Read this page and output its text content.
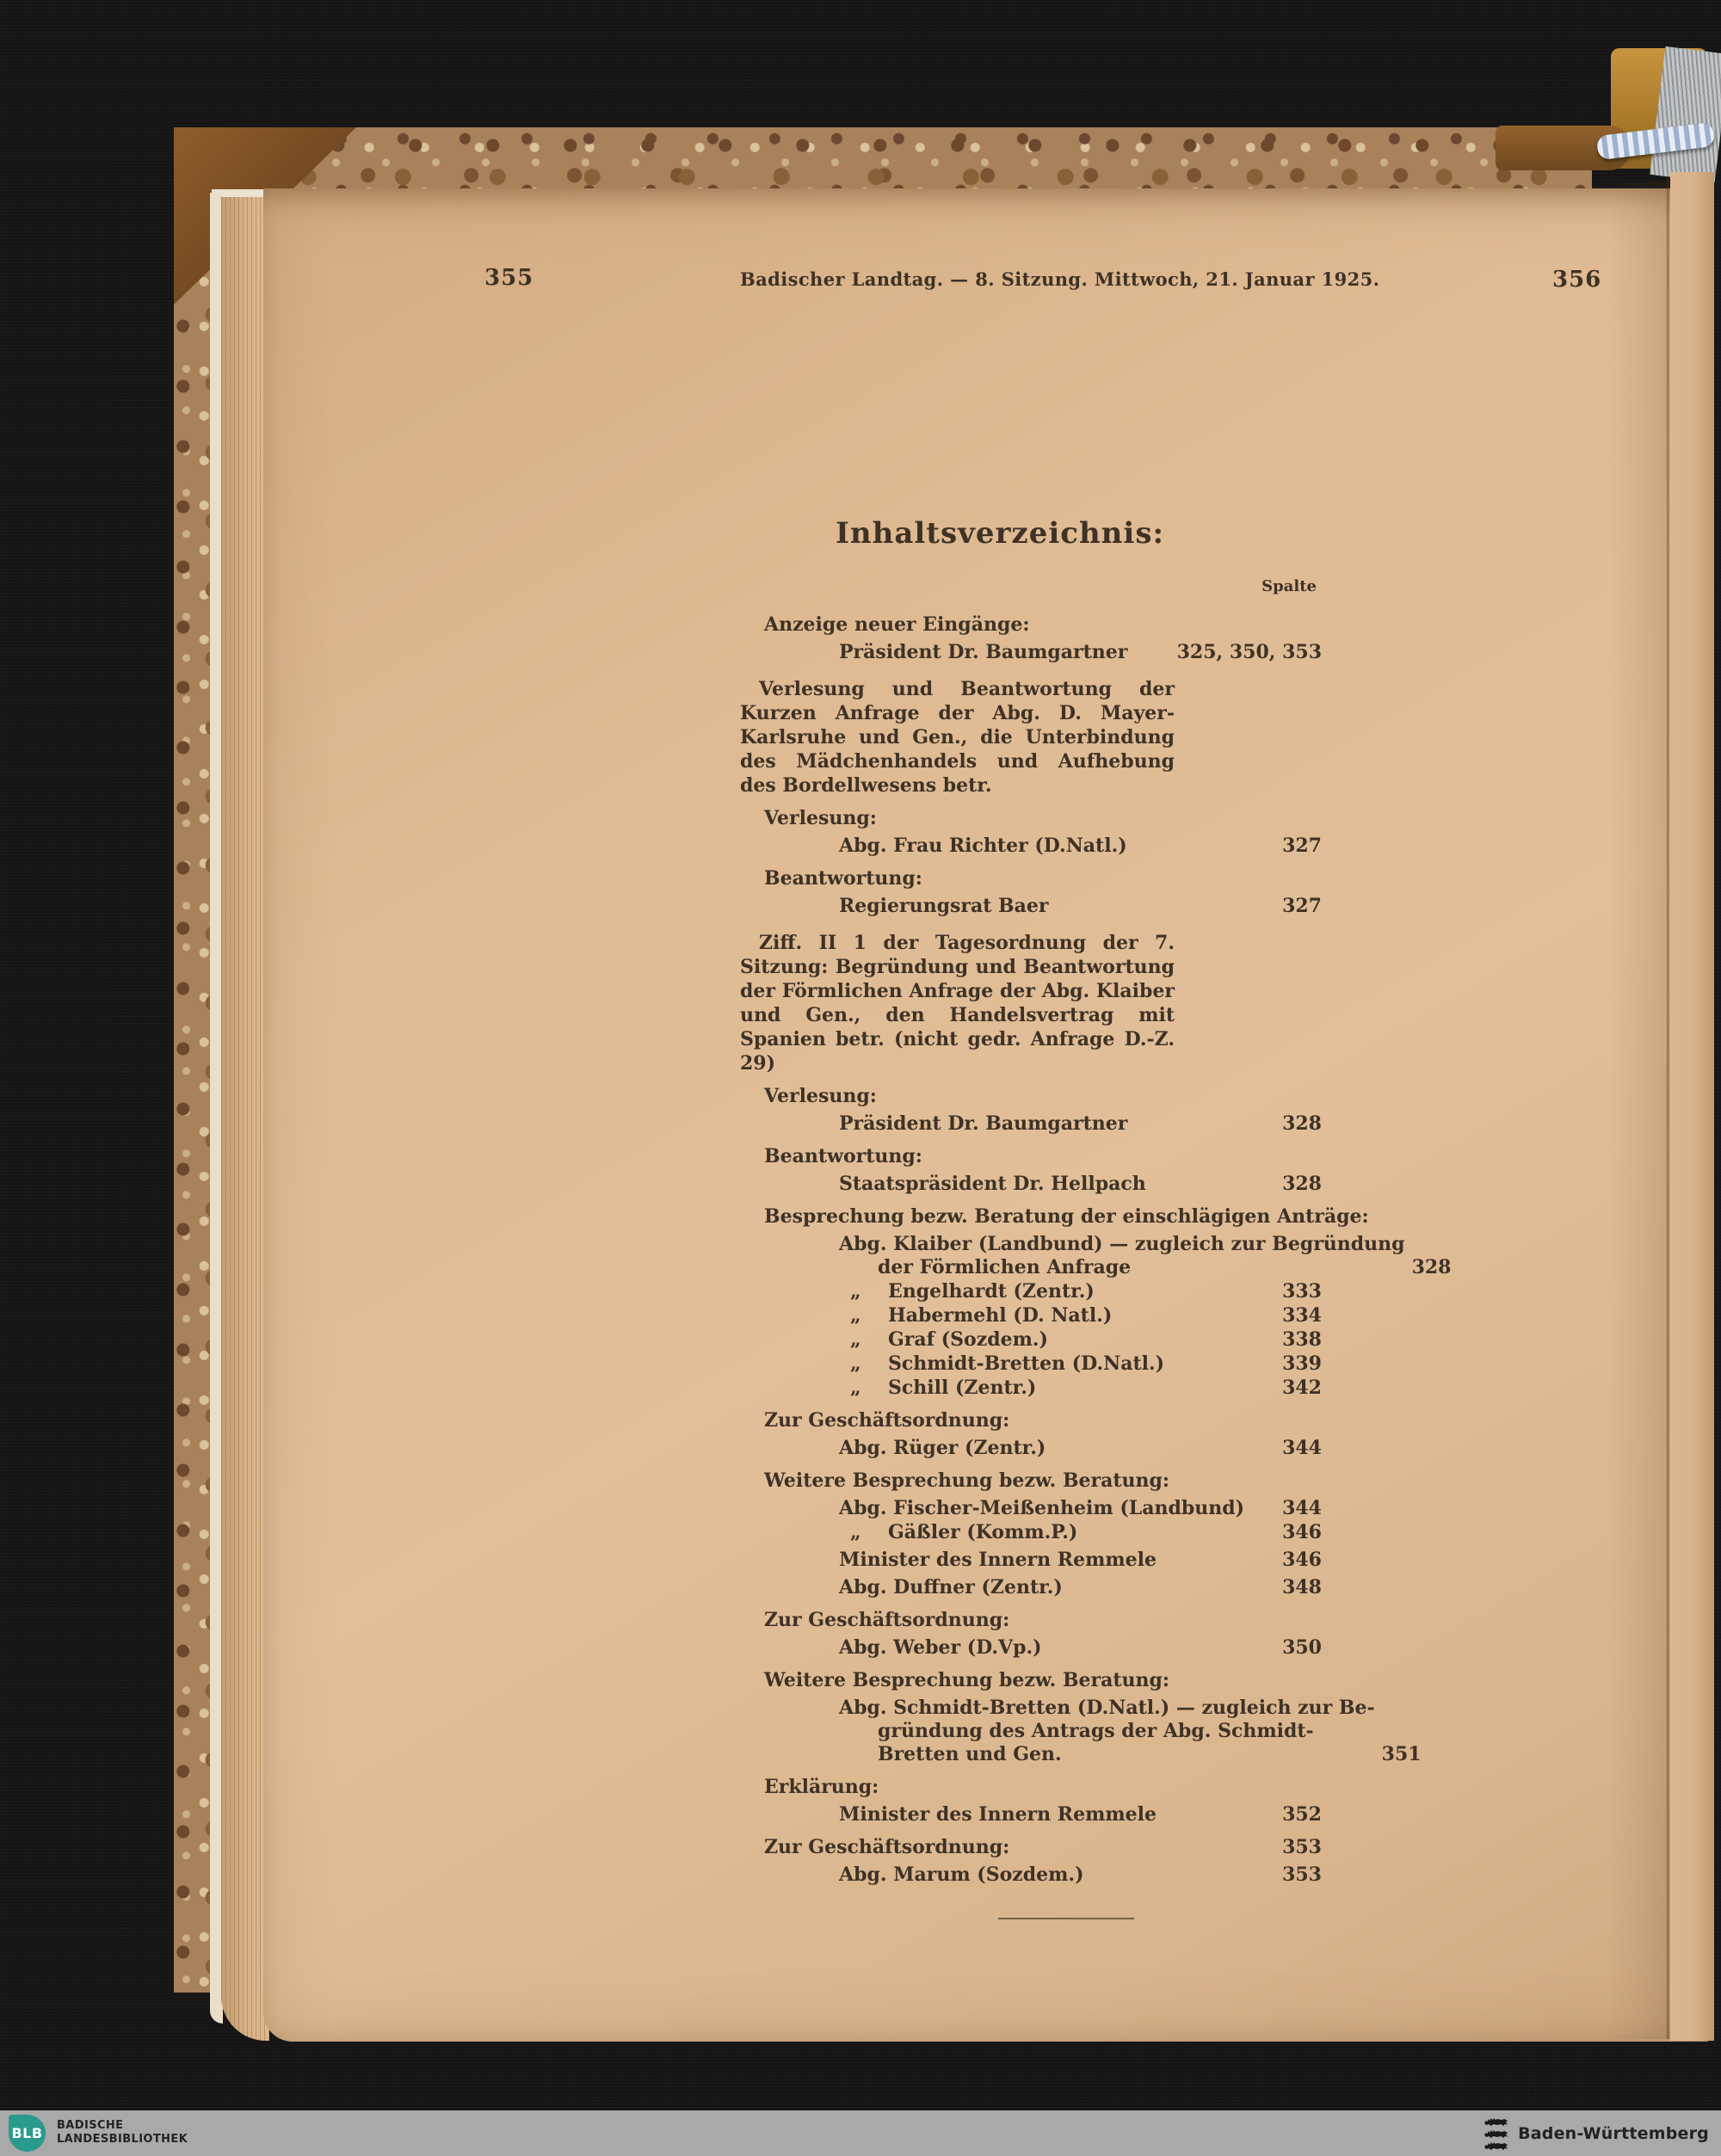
355	356
Badischer Landtag. — 8. Sitzung. Mittwoch, 21. Januar 1925.
Inhaltsverzeichnis:
Spalte
Anzeige neuer Eingänge:
Präsident Dr. Baumgartner	325, 350, 353
Verlesung und Beantwortung der Kurzen Anfrage der Abg. D. Mayer-Karlsruhe und Gen., die Unterbindung des Mädchenhandels und Aufhebung des Bordellwesens betr.
Verlesung:
Abg. Frau Richter (D.Natl.)	327
Beantwortung:
Regierungsrat Baer	327
Ziff. II 1 der Tagesordnung der 7. Sitzung: Begründung und Beantwortung der Förmlichen Anfrage der Abg. Klaiber und Gen., den Handelsvertrag mit Spanien betr. (nicht gedr. Anfrage D.-Z. 29)
Verlesung:
Präsident Dr. Baumgartner	328
Beantwortung:
Staatspräsident Dr. Hellpach	328
Besprechung bezw. Beratung der einschlägigen Anträge:
Abg. Klaiber (Landbund) — zugleich zur Begründung
der Förmlichen Anfrage	328
„ Engelhardt (Zentr.)	333
„ Habermehl (D. Natl.)	334
„ Graf (Sozdem.)	338
„ Schmidt-Bretten (D.Natl.)	339
„ Schill (Zentr.)	342
Zur Geschäftsordnung:
Abg. Rüger (Zentr.)	344
Weitere Besprechung bezw. Beratung:
Abg. Fischer-Meißenheim (Landbund)	344
„ Gäßler (Komm.P.)	346
Minister des Innern Remmele	346
Abg. Duffner (Zentr.)	348
Zur Geschäftsordnung:
Abg. Weber (D.Vp.)	350
Weitere Besprechung bezw. Beratung:
Abg. Schmidt-Bretten (D.Natl.) — zugleich zur Be-
gründung des Antrags der Abg. Schmidt-
Bretten und Gen.	351
Erklärung:
Minister des Innern Remmele	352
Zur Geschäftsordnung:	353
Abg. Marum (Sozdem.)	353
BLB BADISCHE
LANDESBIBLIOTHEK	Baden-Württemberg
